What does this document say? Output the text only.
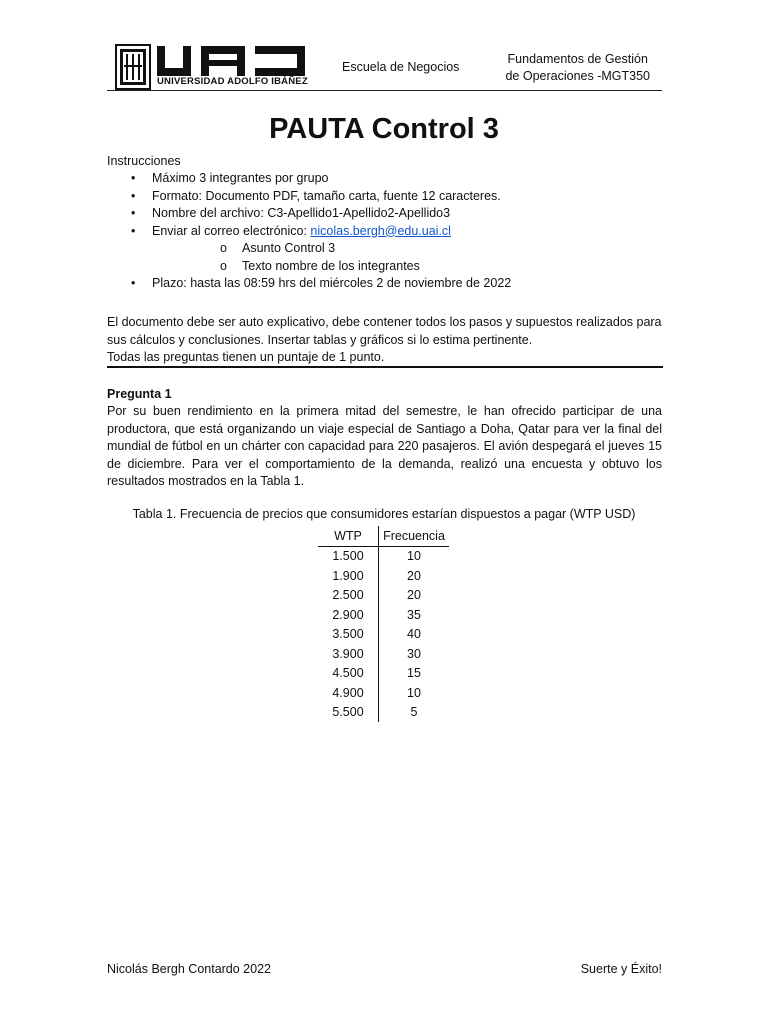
UNIVERSIDAD ADOLFO IBÁÑEZ
Escuela de Negocios
Fundamentos de Gestión
de Operaciones -MGT350
PAUTA Control 3
Instrucciones
• Máximo 3 integrantes por grupo
• Formato: Documento PDF, tamaño carta, fuente 12 caracteres.
• Nombre del archivo: C3-Apellido1-Apellido2-Apellido3
• Enviar al correo electrónico: nicolas.bergh@edu.uai.cl
o Asunto Control 3
o Texto nombre de los integrantes
• Plazo: hasta las 08:59 hrs del miércoles 2 de noviembre de 2022
El documento debe ser auto explicativo, debe contener todos los pasos y supuestos realizados para
sus cálculos y conclusiones. Insertar tablas y gráficos si lo estima pertinente.
Todas las preguntas tienen un puntaje de 1 punto.
Pregunta 1
Por su buen rendimiento en la primera mitad del semestre, le han ofrecido participar de una productora, que está organizando un viaje especial de Santiago a Doha, Qatar para ver la final del mundial de fútbol en un chárter con capacidad para 220 pasajeros. El avión despegará el jueves 15 de diciembre. Para ver el comportamiento de la demanda, realizó una encuesta y obtuvo los resultados mostrados en la Tabla 1.
Tabla 1. Frecuencia de precios que consumidores estarían dispuestos a pagar (WTP USD)
WTP	Frecuencia
1.500	10
1.900	20
2.500	20
2.900	35
3.500	40
3.900	30
4.500	15
4.900	10
5.500	5
Nicolás Bergh Contardo 2022	Suerte y Éxito!
